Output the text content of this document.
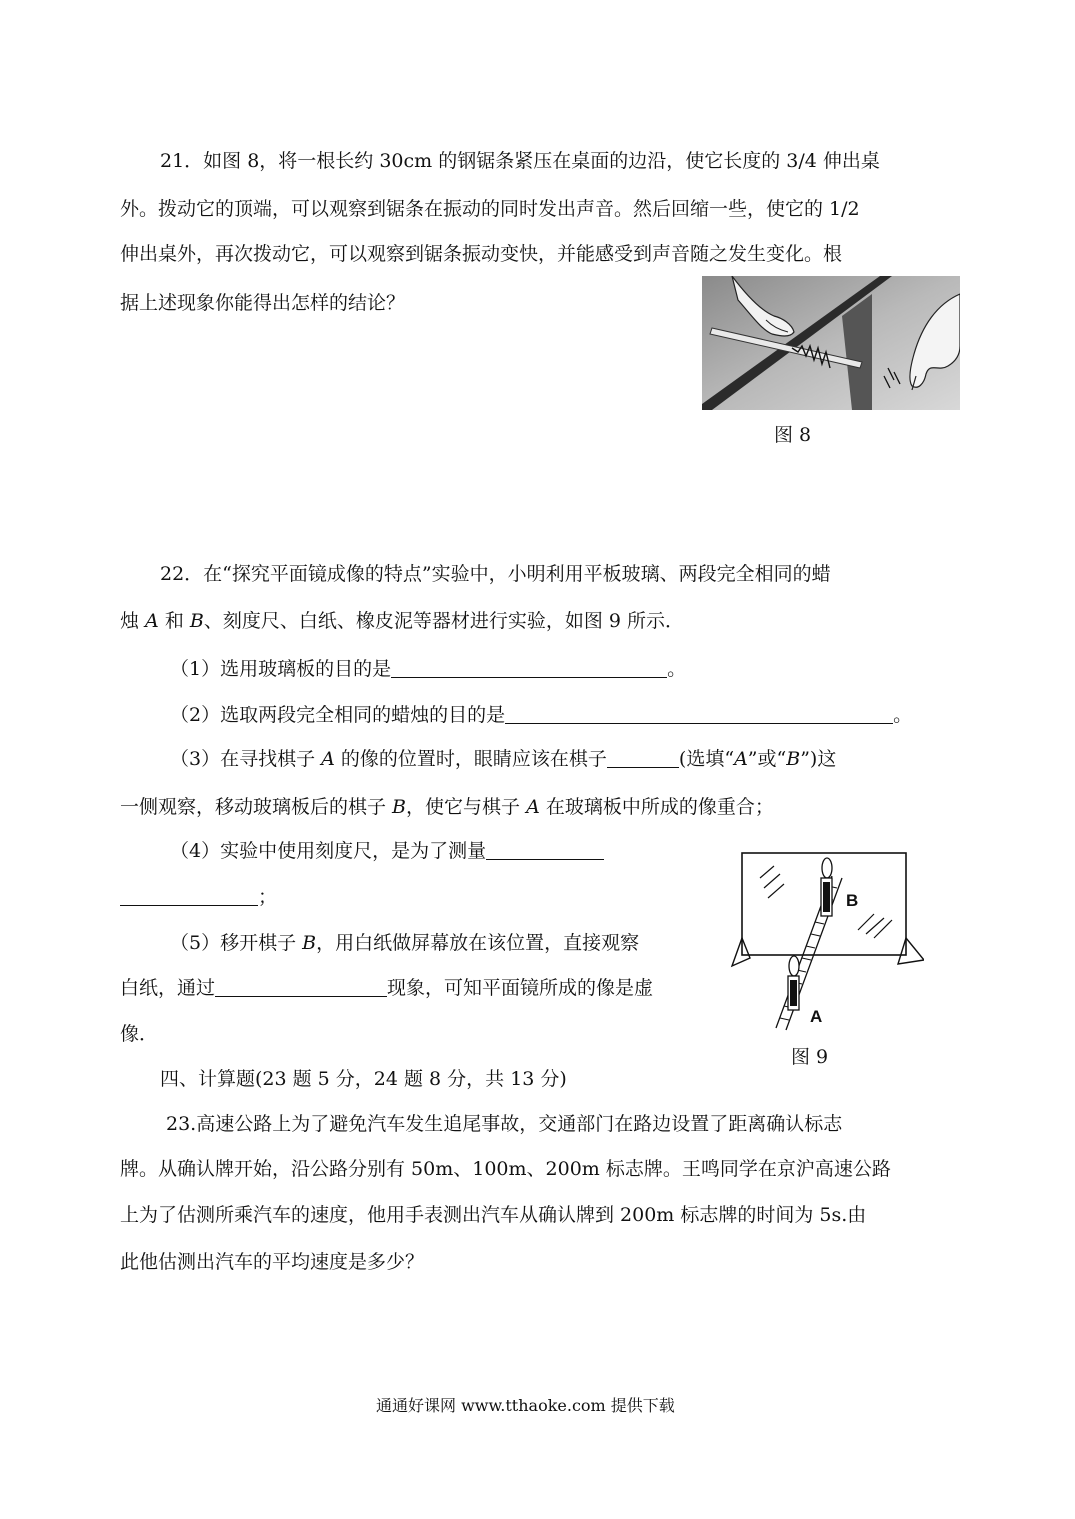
21．如图 8，将一根长约 30cm 的钢锯条紧压在桌面的边沿，使它长度的 3/4 伸出桌
外。拨动它的顶端，可以观察到锯条在振动的同时发出声音。然后回缩一些，使它的 1/2
伸出桌外，再次拨动它，可以观察到锯条振动变快，并能感受到声音随之发生变化。根
据上述现象你能得出怎样的结论？
图 8
22．在“探究平面镜成像的特点”实验中，小明利用平板玻璃、两段完全相同的蜡
烛 A 和 B、刻度尺、白纸、橡皮泥等器材进行实验，如图 9 所示．
（1）选用玻璃板的目的是	。
（2）选取两段完全相同的蜡烛的目的是	。
（3）在寻找棋子 A 的像的位置时，眼睛应该在棋子	(选填“A”或“B”)这
一侧观察，移动玻璃板后的棋子 B，使它与棋子 A 在玻璃板中所成的像重合；
（4）实验中使用刻度尺，是为了测量
；
（5）移开棋子 B，用白纸做屏幕放在该位置，直接观察
白纸，通过	现象，可知平面镜所成的像是虚
像．
B
A
图 9
四、计算题(23 题 5 分，24 题 8 分，共 13 分)
23.高速公路上为了避免汽车发生追尾事故，交通部门在路边设置了距离确认标志
牌。从确认牌开始，沿公路分别有 50m、100m、200m 标志牌。王鸣同学在京沪高速公路
上为了估测所乘汽车的速度，他用手表测出汽车从确认牌到 200m 标志牌的时间为 5s.由
此他估测出汽车的平均速度是多少？
通通好课网 www.tthaoke.com 提供下载
